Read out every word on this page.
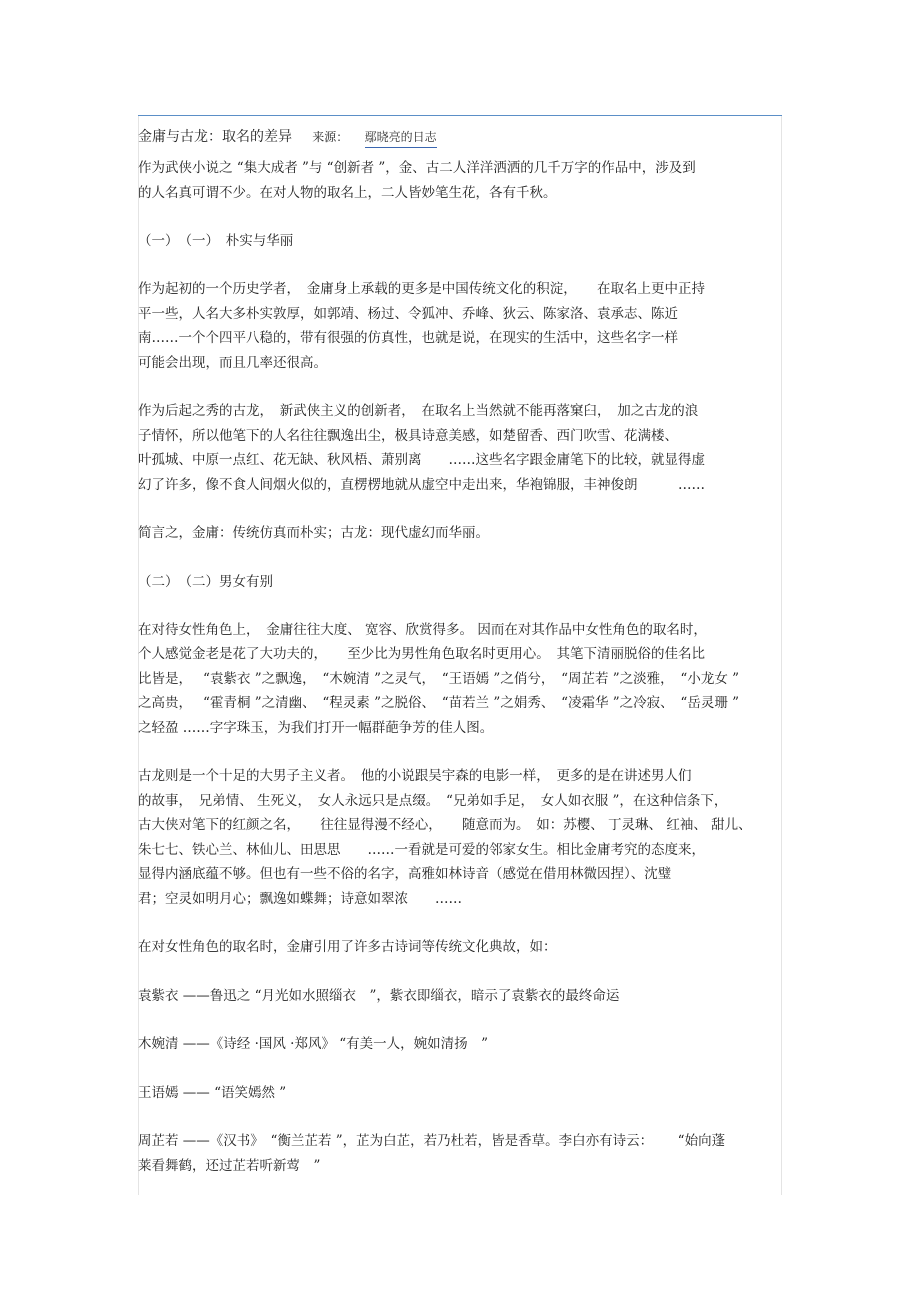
金庸与古龙：取名的差异 来源： 鄢晓亮的日志

作为武侠小说之 “集大成者 ”与 “创新者 ”，金、古二人洋洋洒洒的几千万字的作品中，涉及到

的人名真可谓不少。在对人物的取名上，二人皆妙笔生花，各有千秋。

（一）　（一）　朴实与华丽

作为起初的一个历史学者，　金庸身上承载的更多是中国传统文化的积淀，　　在取名上更中正持

平一些，人名大多朴实敦厚，如郭靖、杨过、令狐冲、乔峰、狄云、陈家洛、袁承志、陈近

南……一个个四平八稳的，带有很强的仿真性，也就是说，在现实的生活中，这些名字一样

可能会出现，而且几率还很高。

作为后起之秀的古龙，　新武侠主义的创新者，　在取名上当然就不能再落窠臼，　加之古龙的浪

子情怀，所以他笔下的人名往往飘逸出尘，极具诗意美感，如楚留香、西门吹雪、花满楼、

叶孤城、中原一点红、花无缺、秋风梧、萧别离　　……这些名字跟金庸笔下的比较，就显得虚

幻了许多，像不食人间烟火似的，直楞楞地就从虚空中走出来，华袍锦服，丰神俊朗　　　……

简言之，金庸：传统仿真而朴实；古龙：现代虚幻而华丽。

（二）　（二）男女有别

在对待女性角色上，　金庸往往大度、 宽容、欣赏得多。 因而在对其作品中女性角色的取名时，

个人感觉金老是花了大功夫的，　　至少比为男性角色取名时更用心。　其笔下清丽脱俗的佳名比

比皆是，　 “袁紫衣 ”之飘逸，　“木婉清 ”之灵气，　“王语嫣 ”之俏兮，　“周芷若 ”之淡雅，　“小龙女 ”

之高贵，　 “霍青桐 ”之清幽、　“程灵素 ”之脱俗、　“苗若兰 ”之娟秀、　“凌霜华 ”之冷寂、　“岳灵珊 ”

之轻盈 ……字字珠玉，为我们打开一幅群葩争芳的佳人图。

古龙则是一个十足的大男子主义者。　他的小说跟吴宇森的电影一样，　更多的是在讲述男人们

的故事，　兄弟情、 生死义，　女人永远只是点缀。　“兄弟如手足，　女人如衣服 ”，在这种信条下，

古大侠对笔下的红颜之名，　　往往显得漫不经心，　　随意而为。　如：苏樱、 丁灵琳、 红袖、 甜儿、

朱七七、铁心兰、林仙儿、田思思　　……一看就是可爱的邻家女生。相比金庸考究的态度来，

显得内涵底蕴不够。但也有一些不俗的名字，高雅如林诗音（感觉在借用林微因捏）、沈璧

君；空灵如明月心；飘逸如蝶舞；诗意如翠浓　　……

在对女性角色的取名时，金庸引用了许多古诗词等传统文化典故，如：

袁紫衣 ——鲁迅之 “月光如水照缁衣　”，紫衣即缁衣，暗示了袁紫衣的最终命运

木婉清 ——《诗经 ·国风 ·郑风》 “有美一人，婉如清扬　”

王语嫣 —— “语笑嫣然 ”

周芷若 ——《汉书》　“衡兰芷若 ”，芷为白芷，若乃杜若，皆是香草。李白亦有诗云：　　 “始向蓬

莱看舞鹤，还过芷若听新莺　”
